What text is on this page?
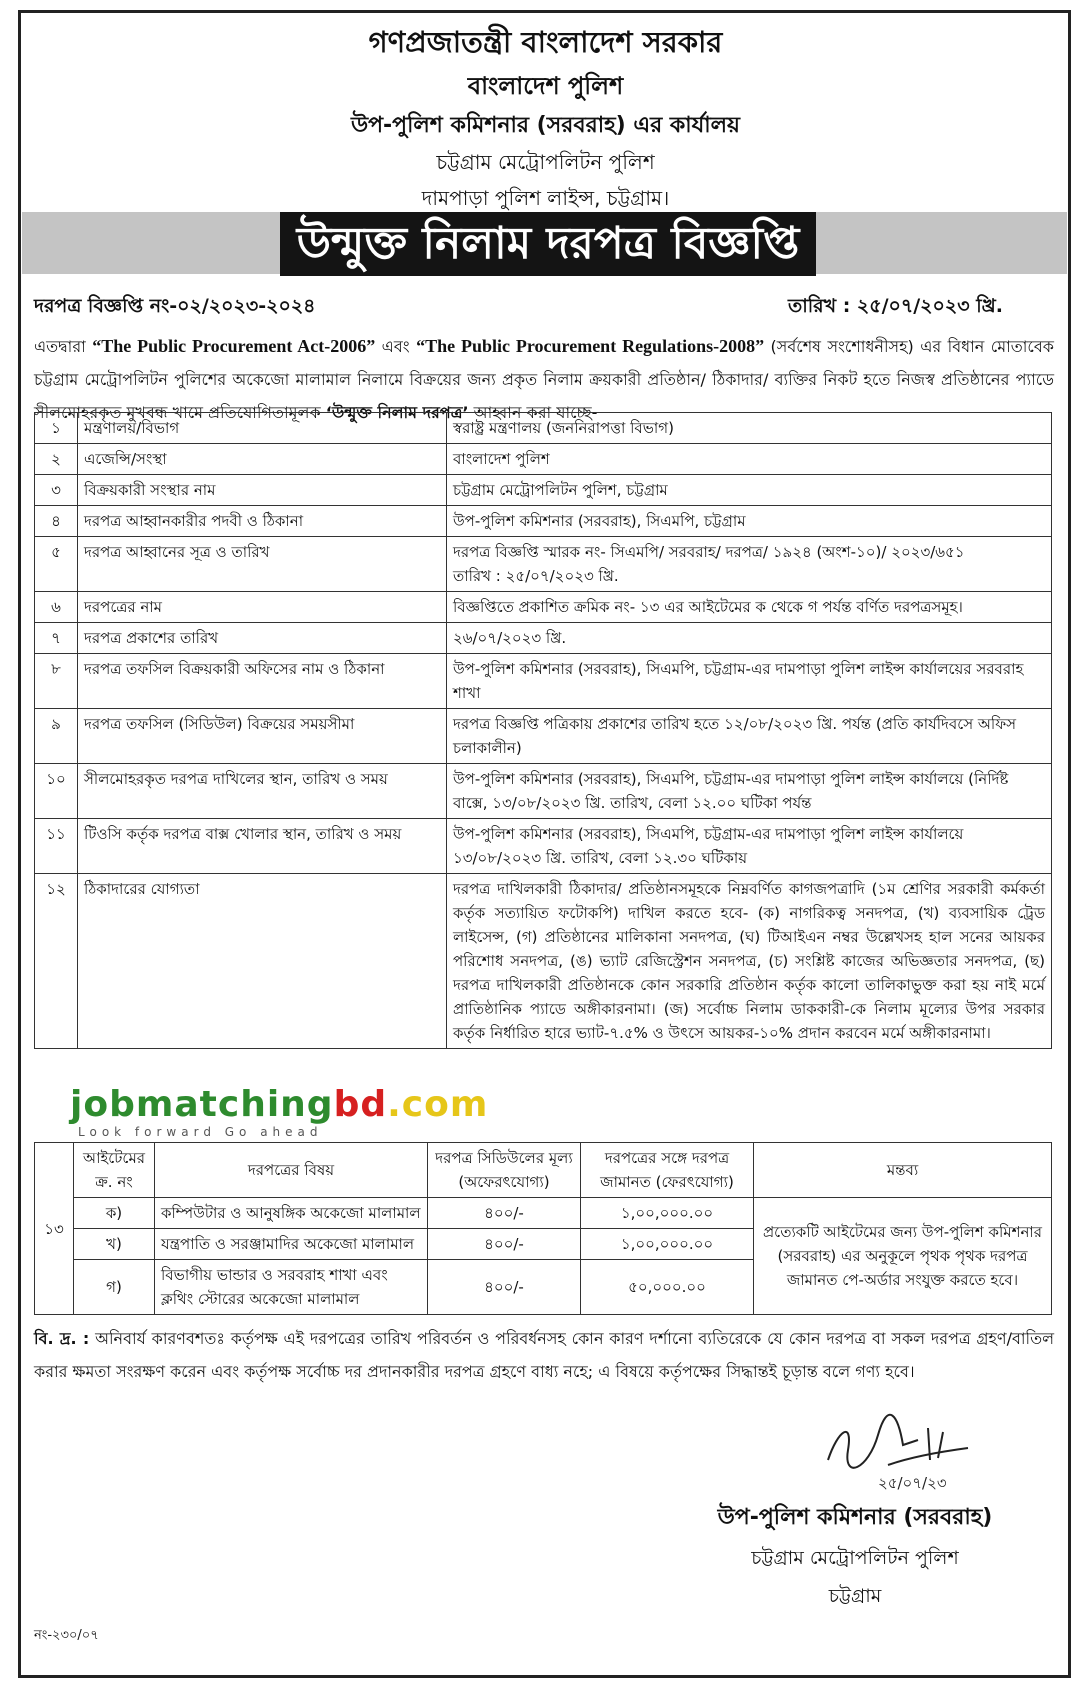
গণপ্রজাতন্ত্রী বাংলাদেশ সরকার
বাংলাদেশ পুলিশ
উপ-পুলিশ কমিশনার (সরবরাহ) এর কার্যালয়
চট্টগ্রাম মেট্রোপলিটন পুলিশ
দামপাড়া পুলিশ লাইন্স, চট্টগ্রাম।
উন্মুক্ত নিলাম দরপত্র বিজ্ঞপ্তি
দরপত্র বিজ্ঞপ্তি নং-০২/২০২৩-২০২৪	তারিখ : ২৫/০৭/২০২৩ খ্রি.
এতদ্বারা “The Public Procurement Act-2006” এবং “The Public Procurement Regulations-2008” (সর্বশেষ সংশোধনীসহ) এর বিধান মোতাবেক চট্টগ্রাম মেট্রোপলিটন পুলিশের অকেজো মালামাল নিলামে বিক্রয়ের জন্য প্রকৃত নিলাম ক্রয়কারী প্রতিষ্ঠান/ ঠিকাদার/ ব্যক্তির নিকট হতে নিজস্ব প্রতিষ্ঠানের প্যাডে সীলমোহরকৃত মুখবন্ধ খামে প্রতিযোগিতামূলক ‘উন্মুক্ত নিলাম দরপত্র’ আহ্বান করা যাচ্ছে-
১	মন্ত্রণালয়/বিভাগ	স্বরাষ্ট্র মন্ত্রণালয় (জননিরাপত্তা বিভাগ)

২	এজেন্সি/সংস্থা	বাংলাদেশ পুলিশ

৩	বিক্রয়কারী সংস্থার নাম	চট্টগ্রাম মেট্রোপলিটন পুলিশ, চট্টগ্রাম

৪	দরপত্র আহ্বানকারীর পদবী ও ঠিকানা	উপ-পুলিশ কমিশনার (সরবরাহ), সিএমপি, চট্টগ্রাম

৫	দরপত্র আহ্বানের সূত্র ও তারিখ	দরপত্র বিজ্ঞপ্তি স্মারক নং- সিএমপি/ সরবরাহ/ দরপত্র/ ১৯২৪ (অংশ-১০)/ ২০২৩/৬৫১
তারিখ : ২৫/০৭/২০২৩ খ্রি.

৬	দরপত্রের নাম	বিজ্ঞপ্তিতে প্রকাশিত ক্রমিক নং- ১৩ এর আইটেমের ক থেকে গ পর্যন্ত বর্ণিত দরপত্রসমূহ।

৭	দরপত্র প্রকাশের তারিখ	২৬/০৭/২০২৩ খ্রি.

৮	দরপত্র তফসিল বিক্রয়কারী অফিসের নাম ও ঠিকানা	উপ-পুলিশ কমিশনার (সরবরাহ), সিএমপি, চট্টগ্রাম-এর দামপাড়া পুলিশ লাইন্স কার্যালয়ের সরবরাহ শাখা

৯	দরপত্র তফসিল (সিডিউল) বিক্রয়ের সময়সীমা	দরপত্র বিজ্ঞপ্তি পত্রিকায় প্রকাশের তারিখ হতে ১২/০৮/২০২৩ খ্রি. পর্যন্ত (প্রতি কার্যদিবসে অফিস চলাকালীন)

১০	সীলমোহরকৃত দরপত্র দাখিলের স্থান, তারিখ ও সময়	উপ-পুলিশ কমিশনার (সরবরাহ), সিএমপি, চট্টগ্রাম-এর দামপাড়া পুলিশ লাইন্স কার্যালয়ে (নির্দিষ্ট বাক্সে, ১৩/০৮/২০২৩ খ্রি. তারিখ, বেলা ১২.০০ ঘটিকা পর্যন্ত

১১	টিওসি কর্তৃক দরপত্র বাক্স খোলার স্থান, তারিখ ও সময়	উপ-পুলিশ কমিশনার (সরবরাহ), সিএমপি, চট্টগ্রাম-এর দামপাড়া পুলিশ লাইন্স কার্যালয়ে ১৩/০৮/২০২৩ খ্রি. তারিখ, বেলা ১২.৩০ ঘটিকায়

১২	ঠিকাদারের যোগ্যতা	দরপত্র দাখিলকারী ঠিকাদার/ প্রতিষ্ঠানসমূহকে নিম্নবর্ণিত কাগজপত্রাদি (১ম শ্রেণির সরকারী কর্মকর্তা কর্তৃক সত্যায়িত ফটোকপি) দাখিল করতে হবে- (ক) নাগরিকত্ব সনদপত্র, (খ) ব্যবসায়িক ট্রেড লাইসেন্স, (গ) প্রতিষ্ঠানের মালিকানা সনদপত্র, (ঘ) টিআইএন নম্বর উল্লেখসহ হাল সনের আয়কর পরিশোধ সনদপত্র, (ঙ) ভ্যাট রেজিস্ট্রেশন সনদপত্র, (চ) সংশ্লিষ্ট কাজের অভিজ্ঞতার সনদপত্র, (ছ) দরপত্র দাখিলকারী প্রতিষ্ঠানকে কোন সরকারি প্রতিষ্ঠান কর্তৃক কালো তালিকাভুক্ত করা হয় নাই মর্মে প্রাতিষ্ঠানিক প্যাডে অঙ্গীকারনামা। (জ) সর্বোচ্চ নিলাম ডাককারী-কে নিলাম মূল্যের উপর সরকার কর্তৃক নির্ধারিত হারে ভ্যাট-৭.৫% ও উৎসে আয়কর-১০% প্রদান করবেন মর্মে অঙ্গীকারনামা।
১৩	আইটেমের ক্র. নং	দরপত্রের বিষয়	দরপত্র সিডিউলের মূল্য (অফেরৎযোগ্য)	দরপত্রের সঙ্গে দরপত্র জামানত (ফেরৎযোগ্য)	মন্তব্য
	ক)	কম্পিউটার ও আনুষঙ্গিক অকেজো মালামাল	৪০০/-	১,০০,০০০.০০	প্রত্যেকটি আইটেমের জন্য উপ-পুলিশ কমিশনার (সরবরাহ) এর অনুকূলে পৃথক পৃথক দরপত্র জামানত পে-অর্ডার সংযুক্ত করতে হবে।
	খ)	যন্ত্রপাতি ও সরঞ্জামাদির অকেজো মালামাল	৪০০/-	১,০০,০০০.০০	
	গ)	বিভাগীয় ভান্ডার ও সরবরাহ শাখা এবং ক্লথিং স্টোরের অকেজো মালামাল	৪০০/-	৫০,০০০.০০	
jobmatchingbd.com
Look forward Go ahead
বি. দ্র. : অনিবার্য কারণবশতঃ কর্তৃপক্ষ এই দরপত্রের তারিখ পরিবর্তন ও পরিবর্ধনসহ কোন কারণ দর্শানো ব্যতিরেকে যে কোন দরপত্র বা সকল দরপত্র গ্রহণ/বাতিল করার ক্ষমতা সংরক্ষণ করেন এবং কর্তৃপক্ষ সর্বোচ্চ দর প্রদানকারীর দরপত্র গ্রহণে বাধ্য নহে; এ বিষয়ে কর্তৃপক্ষের সিদ্ধান্তই চূড়ান্ত বলে গণ্য হবে।
২৫/০৭/২৩
উপ-পুলিশ কমিশনার (সরবরাহ)
চট্টগ্রাম মেট্রোপলিটন পুলিশ
চট্টগ্রাম
নং-২৩০/০৭
